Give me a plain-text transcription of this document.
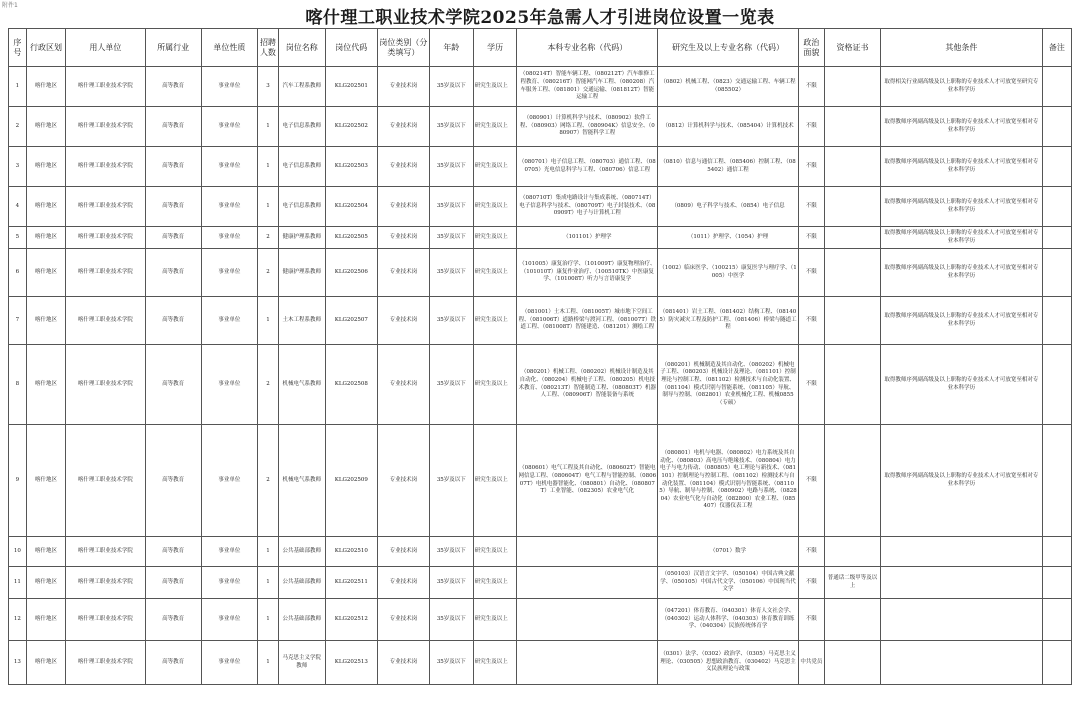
附件1
喀什理工职业技术学院2025年急需人才引进岗位设置一览表
序号	行政区划	用人单位	所属行业	单位性质	招聘人数	岗位名称	岗位代码	岗位类别（分类填写）	年龄	学历	本科专业名称（代码）	研究生及以上专业名称（代码）	政治面貌	资格证书	其他条件	备注
1	喀什地区	喀什理工职业技术学院	高等教育	事业单位	3	汽车工程系教师	KLG202501	专业技术岗	35岁及以下	研究生及以上	（080214T）智能车辆工程、（080212T）汽车维修工程教育、（080216T）智能网汽车工程、（080208）汽车服务工程、（081801）交通运输、（081812T）智能运输工程	（0802）机械工程、（0823）交通运输工程、车辆工程（085502）	不限		取得相关行业副高级及以上职称的专业技术人才可放宽至研究专业本科学历	
2	喀什地区	喀什理工职业技术学院	高等教育	事业单位	1	电子信息系教师	KLG202502	专业技术岗	35岁及以下	研究生及以上	（080901）计算机科学与技术、（080902）软件工程、（080903）网络工程、（080904K）信息安全、（080907）智能科学工程	（0812）计算机科学与技术、（085404）计算机技术	不限		取得教师序列副高级及以上职称的专业技术人才可放宽至相对专业本科学历	
3	喀什地区	喀什理工职业技术学院	高等教育	事业单位	1	电子信息系教师	KLG202503	专业技术岗	35岁及以下	研究生及以上	（080701）电子信息工程、（080703）通信工程、（080705）光电信息科学与工程、（080706）信息工程	（0810）信息与通信工程、（085406）控制工程、（085402）通信工程	不限		取得教师序列副高级及以上职称的专业技术人才可放宽至相对专业本科学历	
4	喀什地区	喀什理工职业技术学院	高等教育	事业单位	1	电子信息系教师	KLG202504	专业技术岗	35岁及以下	研究生及以上	（080710T）集成电路设计与集成系统、（080714T）电子信息科学与技术、（080709T）电子封装技术、（080909T）电子与计算机工程	（0809）电子科学与技术、（0854）电子信息	不限		取得教师序列副高级及以上职称的专业技术人才可放宽至相对专业本科学历	
5	喀什地区	喀什理工职业技术学院	高等教育	事业单位	2	健康护理系教师	KLG202505	专业技术岗	35岁及以下	研究生及以上	（101101）护理学	（1011）护理学、（1054）护理	不限		取得教师序列副高级及以上职称的专业技术人才可放宽至相对专业本科学历	
6	喀什地区	喀什理工职业技术学院	高等教育	事业单位	2	健康护理系教师	KLG202506	专业技术岗	35岁及以下	研究生及以上	（101005）康复治疗学、（101009T）康复物理治疗、（101010T）康复作业治疗、（100510TK）中医康复学、（101008T）听力与言语康复学	（1002）临床医学、（100215）康复医学与理疗学、（1005）中医学	不限		取得教师序列副高级及以上职称的专业技术人才可放宽至相对专业本科学历	
7	喀什地区	喀什理工职业技术学院	高等教育	事业单位	1	土木工程系教师	KLG202507	专业技术岗	35岁及以下	研究生及以上	（081001）土木工程、（081005T）城市地下空间工程、（081006T）道路桥梁与渡河工程、（081007T）铁道工程、（081008T）智能建造、（081201）测绘工程	（081401）岩土工程、（081402）结构工程、（081405）防灾减灾工程及防护工程、（081406）桥梁与隧道工程	不限		取得教师序列副高级及以上职称的专业技术人才可放宽至相对专业本科学历	
8	喀什地区	喀什理工职业技术学院	高等教育	事业单位	2	机械电气系教师	KLG202508	专业技术岗	35岁及以下	研究生及以上	（080201）机械工程、（080202）机械设计制造及其自动化、（080204）机械电子工程、（080205）机电技术教育、（080213T）智能制造工程、（080803T）机器人工程、（080906T）智能装备与系统	（080201）机械制造及其自动化、（080202）机械电子工程、（080203）机械设计及理论、（081101）控制理论与控制工程、（081102）检测技术与自动化装置、（081104）模式识别与智能系统、（081105）导航、制导与控制、（082801）农业机械化工程、机械0855（专硕）	不限		取得教师序列副高级及以上职称的专业技术人才可放宽至相对专业本科学历	
9	喀什地区	喀什理工职业技术学院	高等教育	事业单位	2	机械电气系教师	KLG202509	专业技术岗	35岁及以下	研究生及以上	（080601）电气工程及其自动化、（080602T）智能电网信息工程、（080604T）电气工程与智能控制、（080607T）电机电器智能化、（080801）自动化、（080807T）工业智能、（082305）农业电气化	（080801）电机与电器、（080802）电力系统及其自动化、（080803）高电压与绝缘技术、（080804）电力电子与电力传动、（080805）电工理论与新技术、（081101）控制理论与控制工程、（081102）检测技术与自动化装置、（081104）模式识别与智能系统、（081105）导航、制导与控制、（080902）电路与系统、（082804）农业电气化与自动化（082800）农业工程、（085407）仪器仪表工程	不限		取得教师序列副高级及以上职称的专业技术人才可放宽至相对专业本科学历	
10	喀什地区	喀什理工职业技术学院	高等教育	事业单位	1	公共基础部教师	KLG202510	专业技术岗	35岁及以下	研究生及以上		（0701）数学	不限			
11	喀什地区	喀什理工职业技术学院	高等教育	事业单位	1	公共基础部教师	KLG202511	专业技术岗	35岁及以下	研究生及以上		（050103）汉语言文字学、（050104）中国古典文献学、（050105）中国古代文学、（050106）中国现当代文学	不限	普通话二级甲等及以上		
12	喀什地区	喀什理工职业技术学院	高等教育	事业单位	1	公共基础部教师	KLG202512	专业技术岗	35岁及以下	研究生及以上		（047201）体育教育、（040301）体育人文社会学、（040302）运动人体科学、（040303）体育教育训练学、（040304）民族传统体育学	不限			
13	喀什地区	喀什理工职业技术学院	高等教育	事业单位	1	马克思主义学院教师	KLG202513	专业技术岗	35岁及以下	研究生及以上		（0301）法学、（0302）政治学、（0305）马克思主义理论、（030505）思想政治教育、（030402）马克思主义民族理论与政策	中共党员			
